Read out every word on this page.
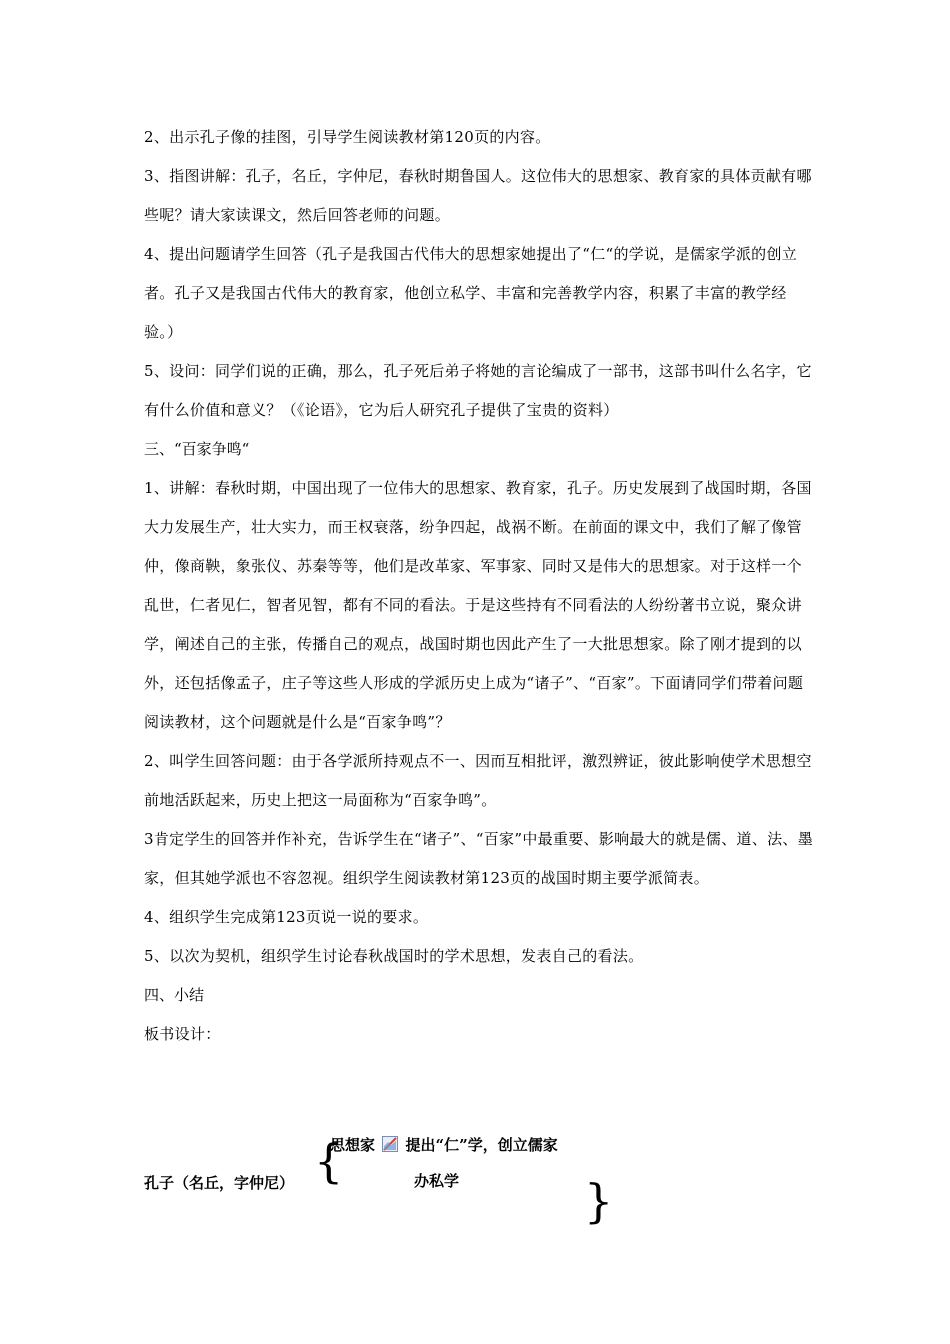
2、出示孔子像的挂图，引导学生阅读教材第120页的内容。

3、指图讲解：孔子，名丘，字仲尼，春秋时期鲁国人。这位伟大的思想家、教育家的具体贡献有哪些呢？请大家读课文，然后回答老师的问题。

4、提出问题请学生回答（孔子是我国古代伟大的思想家她提出了“仁“的学说，是儒家学派的创立者。孔子又是我国古代伟大的教育家，他创立私学、丰富和完善教学内容，积累了丰富的教学经验。）

5、设问：同学们说的正确，那么，孔子死后弟子将她的言论编成了一部书，这部书叫什么名字，它有什么价值和意义？（《论语》，它为后人研究孔子提供了宝贵的资料）

三、“百家争鸣“

1、讲解：春秋时期，中国出现了一位伟大的思想家、教育家，孔子。历史发展到了战国时期，各国大力发展生产，壮大实力，而王权衰落，纷争四起，战祸不断。在前面的课文中，我们了解了像管仲，像商鞅，象张仪、苏秦等等，他们是改革家、军事家、同时又是伟大的思想家。对于这样一个乱世，仁者见仁，智者见智，都有不同的看法。于是这些持有不同看法的人纷纷著书立说，聚众讲学，阐述自己的主张，传播自己的观点，战国时期也因此产生了一大批思想家。除了刚才提到的以外，还包括像孟子，庄子等这些人形成的学派历史上成为“诸子”、“百家”。下面请同学们带着问题阅读教材，这个问题就是什么是“百家争鸣”？

2、叫学生回答问题：由于各学派所持观点不一、因而互相批评，激烈辨证，彼此影响使学术思想空前地活跃起来，历史上把这一局面称为“百家争鸣”。

3肯定学生的回答并作补充，告诉学生在“诸子”、“百家”中最重要、影响最大的就是儒、道、法、墨家，但其她学派也不容忽视。组织学生阅读教材第123页的战国时期主要学派简表。

4、组织学生完成第123页说一说的要求。

5、以次为契机，组织学生讨论春秋战国时的学术思想，发表自己的看法。

四、小结

板书设计：

思想家 提出“仁”学，创立儒家
{
孔子（名丘，字仲尼）	办私学	}
